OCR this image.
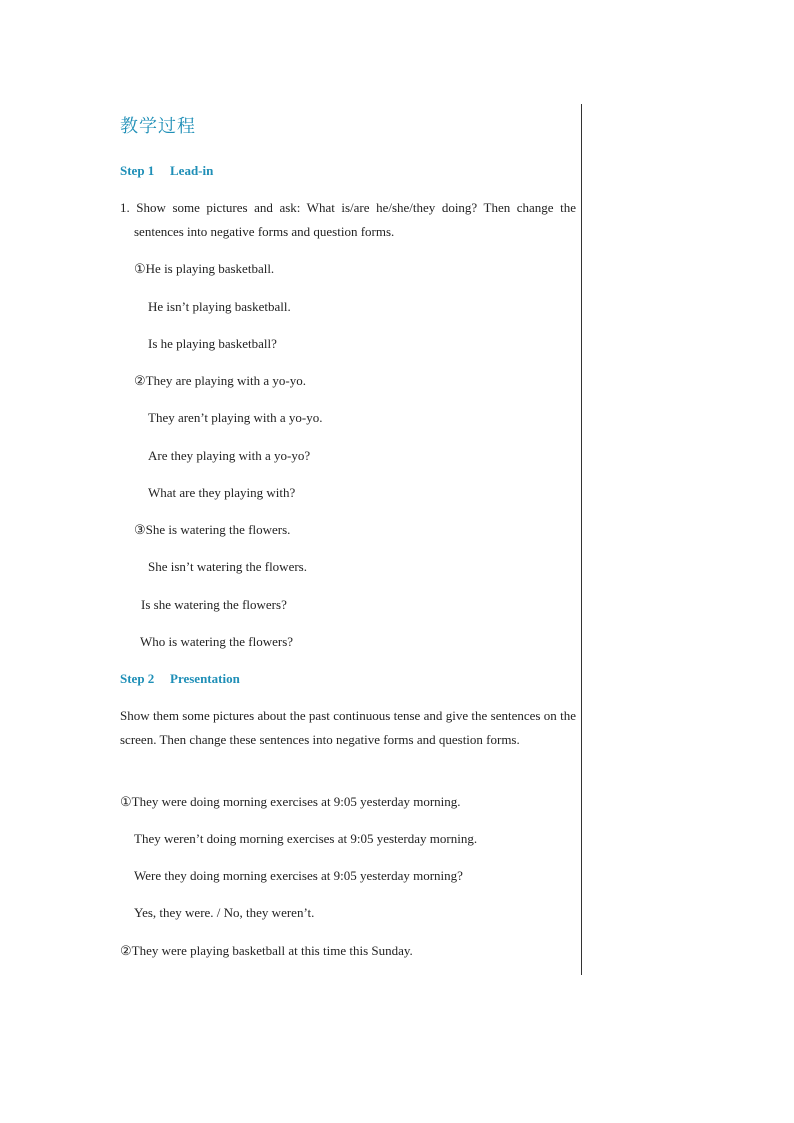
教学过程
Step 1 Lead-in
1. Show some pictures and ask: What is/are he/she/they doing? Then change the sentences into negative forms and question forms.
①He is playing basketball.
He isn’t playing basketball.
Is he playing basketball?
②They are playing with a yo-yo.
They aren’t playing with a yo-yo.
Are they playing with a yo-yo?
What are they playing with?
③She is watering the flowers.
She isn’t watering the flowers.
Is she watering the flowers?
Who is watering the flowers?
Step 2 Presentation
Show them some pictures about the past continuous tense and give the sentences on the screen. Then change these sentences into negative forms and question forms.
①They were doing morning exercises at 9:05 yesterday morning.
They weren’t doing morning exercises at 9:05 yesterday morning.
Were they doing morning exercises at 9:05 yesterday morning?
Yes, they were. / No, they weren’t.
②They were playing basketball at this time this Sunday.
